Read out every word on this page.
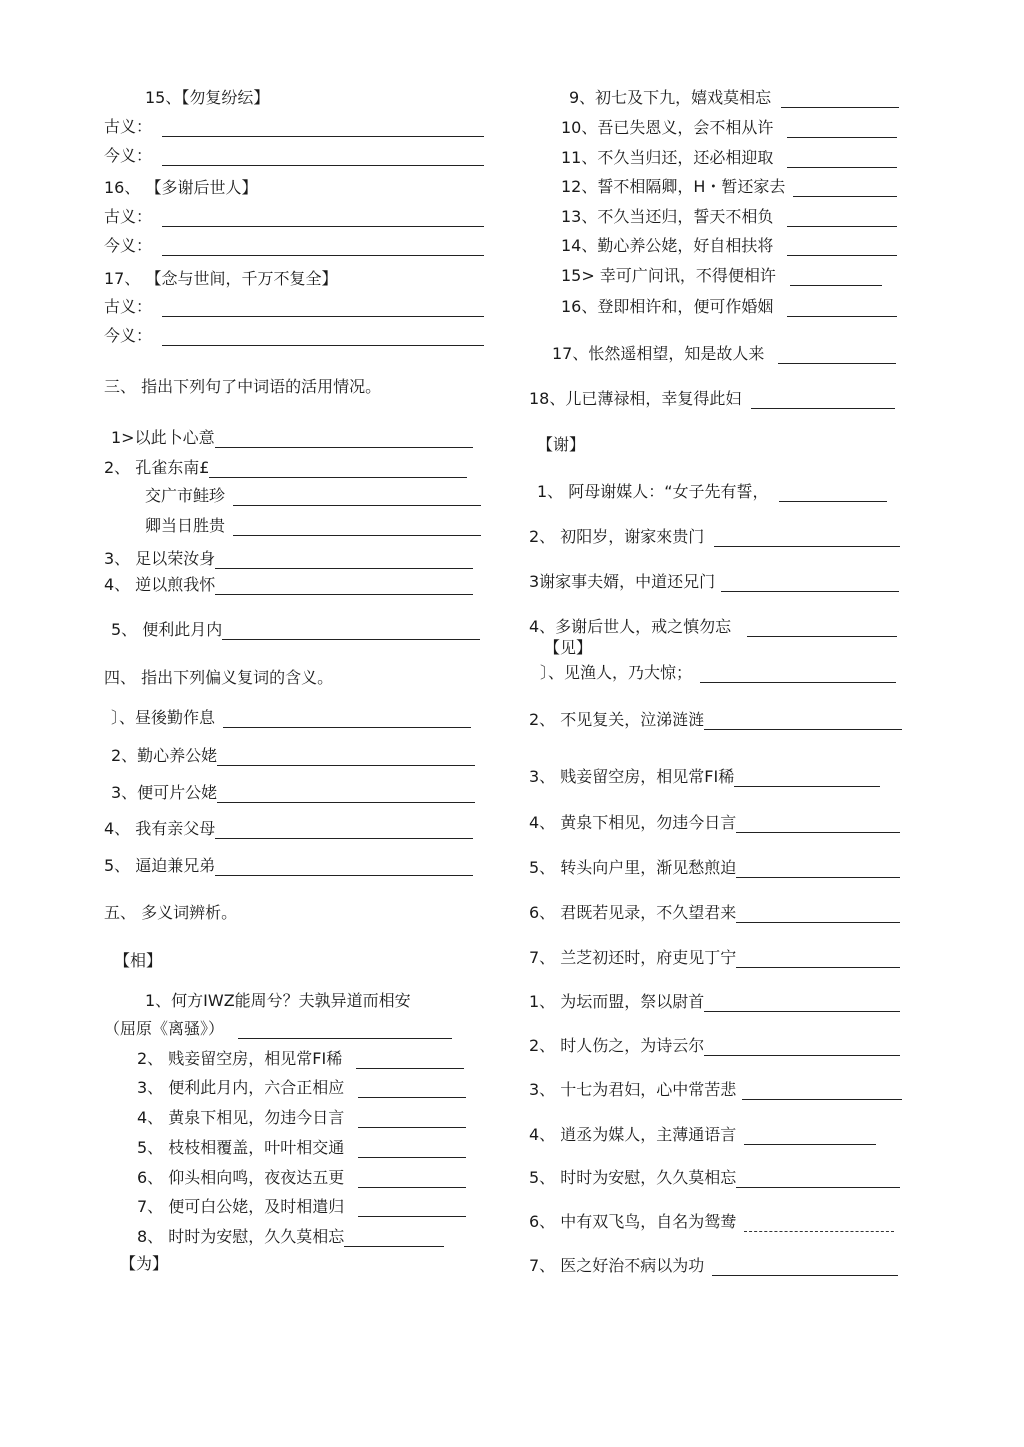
15、【勿复纷纭】
古义：
今义：
16、 【多谢后世人】
古义：
今义：
17、 【念与世间，千万不复全】
古义：
今义：
三、 指出下列句了中词语的活用情况。
1>以此卜心意
2、 孔雀东南£
交广市鲑珍
卿当日胜贵
3、 足以荣汝身
4、 逆以煎我怀
5、 便利此月内
四、 指出下列偏义复词的含义。
〕、昼後勤作息
2、勤心养公姥
3、便可片公姥
4、 我有亲父母
5、 逼迫兼兄弟
五、 多义词辨析。
【相】
1、何方IWZ能周兮？夫孰异道而相安
（屈原《离骚》）
2、 贱妾留空房，相见常FI稀
3、 便利此月内，六合正相应
4、 黄泉下相见，勿违今日言
5、 枝枝相覆盖，叶叶相交通
6、 仰头相向鸣，夜夜达五更
7、 便可白公姥，及时相遣归
8、 时时为安慰，久久莫相忘
【为】
9、初七及下九，嬉戏莫相忘
10、吾已失恩义，会不相从许
11、不久当归还，还必相迎取
12、誓不相隔卿，H・暂还家去
13、不久当还归，誓天不相负
14、勤心养公姥，好自相扶将
15> 幸可广问讯，不得便相许
16、登即相许和，便可作婚姻
17、怅然遥相望，知是故人来
18、儿已薄禄相，幸复得此妇
【谢】
1、 阿母谢媒人：“女子先有誓，
2、 初阳岁，谢家來贵门
3谢家事夫婿，中道还兄门
4、多谢后世人，戒之慎勿忘
【见】
〕、见渔人，乃大惊；
2、 不见复关，泣涕涟涟
3、 贱妾留空房，相见常FI稀
4、 黄泉下相见，勿违今日言
5、 转头向户里，渐见愁煎迫
6、 君既若见录，不久望君来
7、 兰芝初还时，府吏见丁宁
1、 为坛而盟，祭以尉首
2、 时人伤之，为诗云尔
3、 十七为君妇，心中常苦悲
4、 逍丞为媒人，主薄通语言
5、 时时为安慰，久久莫相忘
6、 中有双飞鸟，自名为鸳鸯
7、 医之好治不病以为功
